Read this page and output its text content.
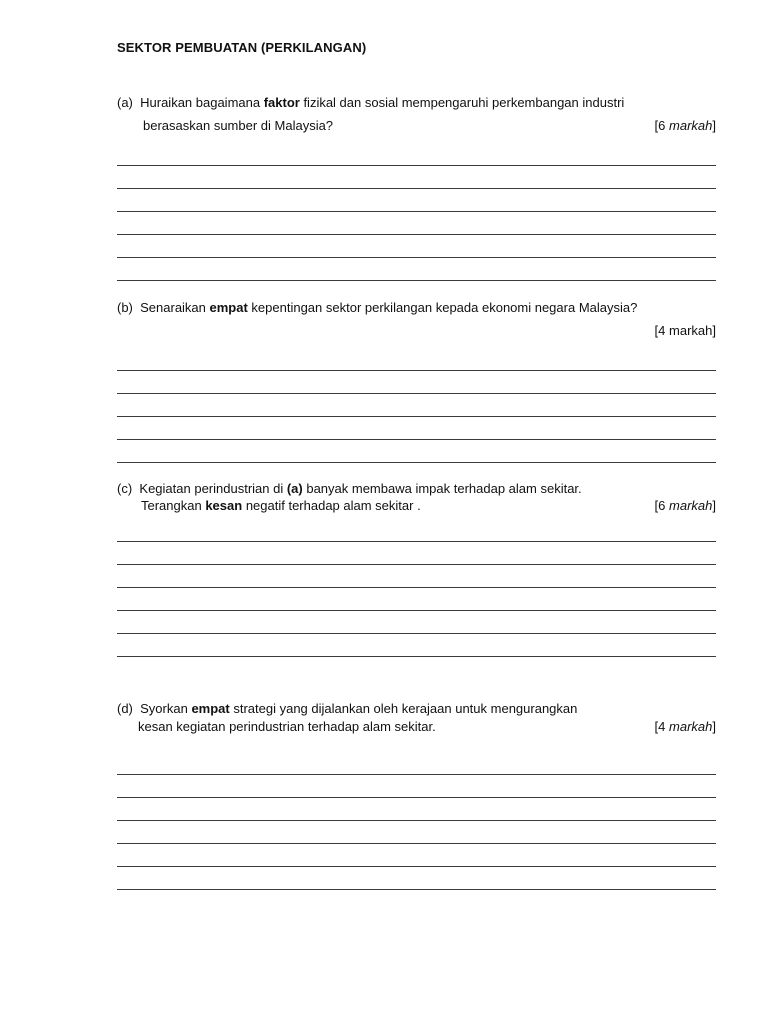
SEKTOR PEMBUATAN (PERKILANGAN)
(a) Huraikan bagaimana faktor fizikal dan sosial mempengaruhi perkembangan industri
berasaskan sumber di Malaysia?	[6 markah]
(b) Senaraikan empat kepentingan sektor perkilangan kepada ekonomi negara Malaysia?
[4 markah]
(c) Kegiatan perindustrian di (a) banyak membawa impak terhadap alam sekitar.
Terangkan kesan negatif terhadap alam sekitar .	[6 markah]
(d) Syorkan empat strategi yang dijalankan oleh kerajaan untuk mengurangkan
kesan kegiatan perindustrian terhadap alam sekitar.	[4 markah]
